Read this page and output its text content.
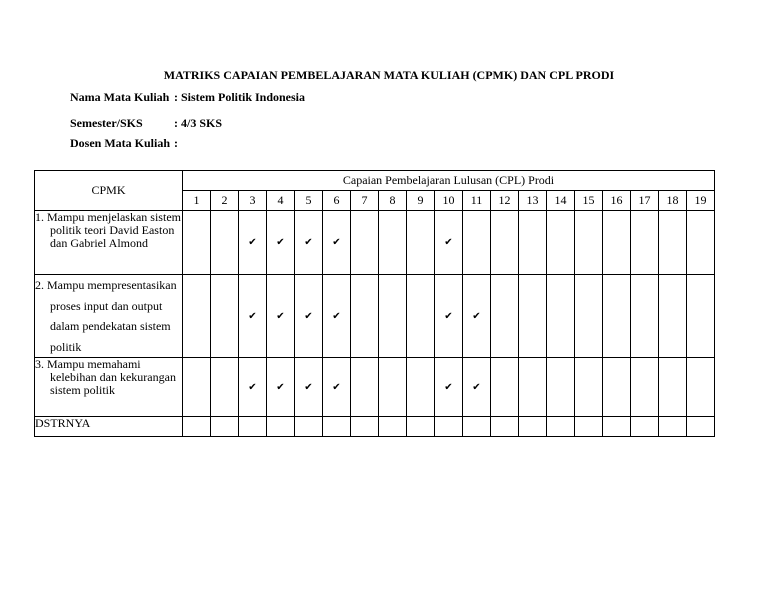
MATRIKS CAPAIAN PEMBELAJARAN MATA KULIAH (CPMK) DAN CPL PRODI
Nama Mata Kuliah : Sistem Politik Indonesia
Semester/SKS	: 4/3 SKS
Dosen Mata Kuliah :
CPMK	Capaian Pembelajaran Lulusan (CPL) Prodi																		
	1	2	3	4	5	6	7	8	9	10	11	12	13	14	15	16	17	18	19

1. Mampu menjelaskan sistem politik teori David Easton dan Gabriel Almond			✔	✔	✔	✔				✔									

2. Mampu mempresentasikan proses input dan output dalam pendekatan sistem politik			✔	✔	✔	✔				✔	✔								

3. Mampu memahami kelebihan dan kekurangan sistem politik			✔	✔	✔	✔				✔	✔								
DSTRNYA																			
